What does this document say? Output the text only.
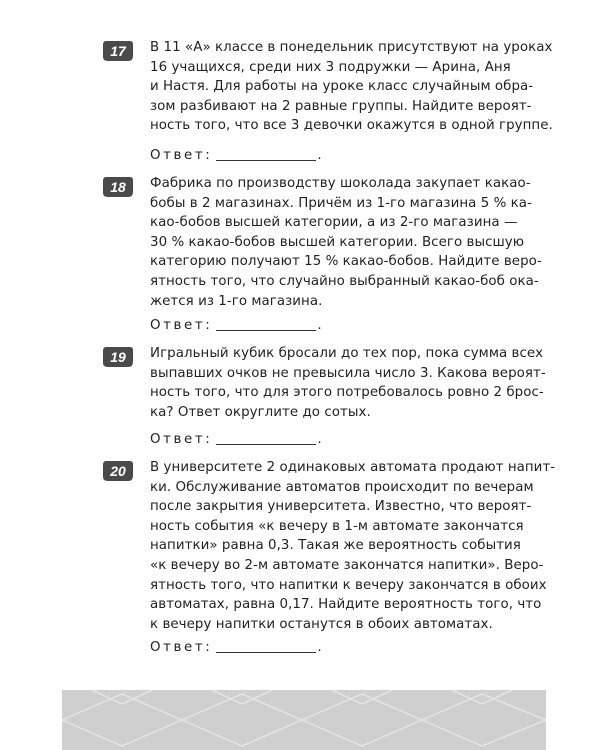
17 В 11 «А» классе в понедельник присутствуют на уроках
16 учащихся, среди них 3 подружки — Арина, Аня
и Настя. Для работы на уроке класс случайным обра-
зом разбивают на 2 равные группы. Найдите вероят-
ность того, что все 3 девочки окажутся в одной группе.

Ответ:	.
18 Фабрика по производству шоколада закупает какао-
бобы в 2 магазинах. Причём из 1-го магазина 5 % ка-
као-бобов высшей категории, а из 2-го магазина —
30 % какао-бобов высшей категории. Всего высшую
категорию получают 15 % какао-бобов. Найдите веро-
ятность того, что случайно выбранный какао-боб ока-
жется из 1-го магазина.

Ответ:	.
19 Игральный кубик бросали до тех пор, пока сумма всех
выпавших очков не превысила число 3. Какова вероят-
ность того, что для этого потребовалось ровно 2 брос-
ка? Ответ округлите до сотых.

Ответ:	.
20 В университете 2 одинаковых автомата продают напит-
ки. Обслуживание автоматов происходит по вечерам
после закрытия университета. Известно, что вероят-
ность события «к вечеру в 1-м автомате закончатся
напитки» равна 0,3. Такая же вероятность события
«к вечеру во 2-м автомате закончатся напитки». Веро-
ятность того, что напитки к вечеру закончатся в обоих
автоматах, равна 0,17. Найдите вероятность того, что
к вечеру напитки останутся в обоих автоматах.

Ответ:	.
